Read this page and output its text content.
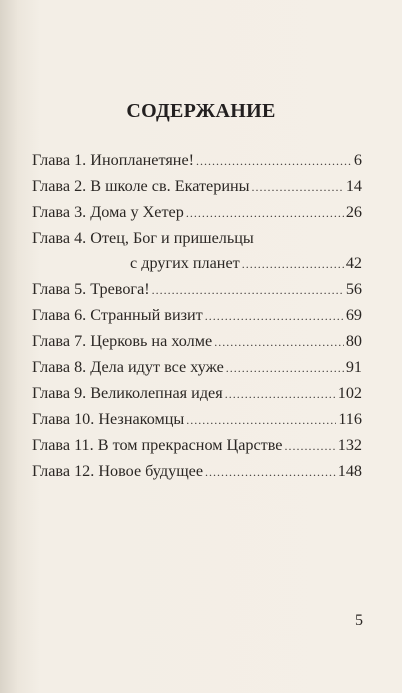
СОДЕРЖАНИЕ
Глава 1. Инопланетяне! .....	6
Глава 2. В школе св. Екатерины .....	14
Глава 3. Дома у Хетер .....	26
Глава 4. Отец, Бог и пришельцы
с других планет .....	42
Глава 5. Тревога! .....	56
Глава 6. Странный визит .....	69
Глава 7. Церковь на холме .....	80
Глава 8. Дела идут все хуже .....	91
Глава 9. Великолепная идея .....	102
Глава 10. Незнакомцы .....	116
Глава 11. В том прекрасном Царстве .....	132
Глава 12. Новое будущее .....	148
5
